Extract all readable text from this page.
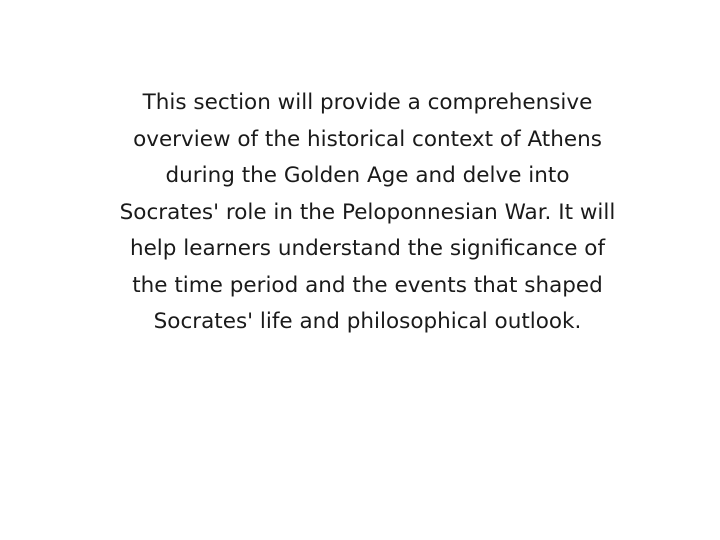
This section will provide a comprehensive overview of the historical context of Athens during the Golden Age and delve into Socrates' role in the Peloponnesian War. It will help learners understand the significance of the time period and the events that shaped Socrates' life and philosophical outlook.
